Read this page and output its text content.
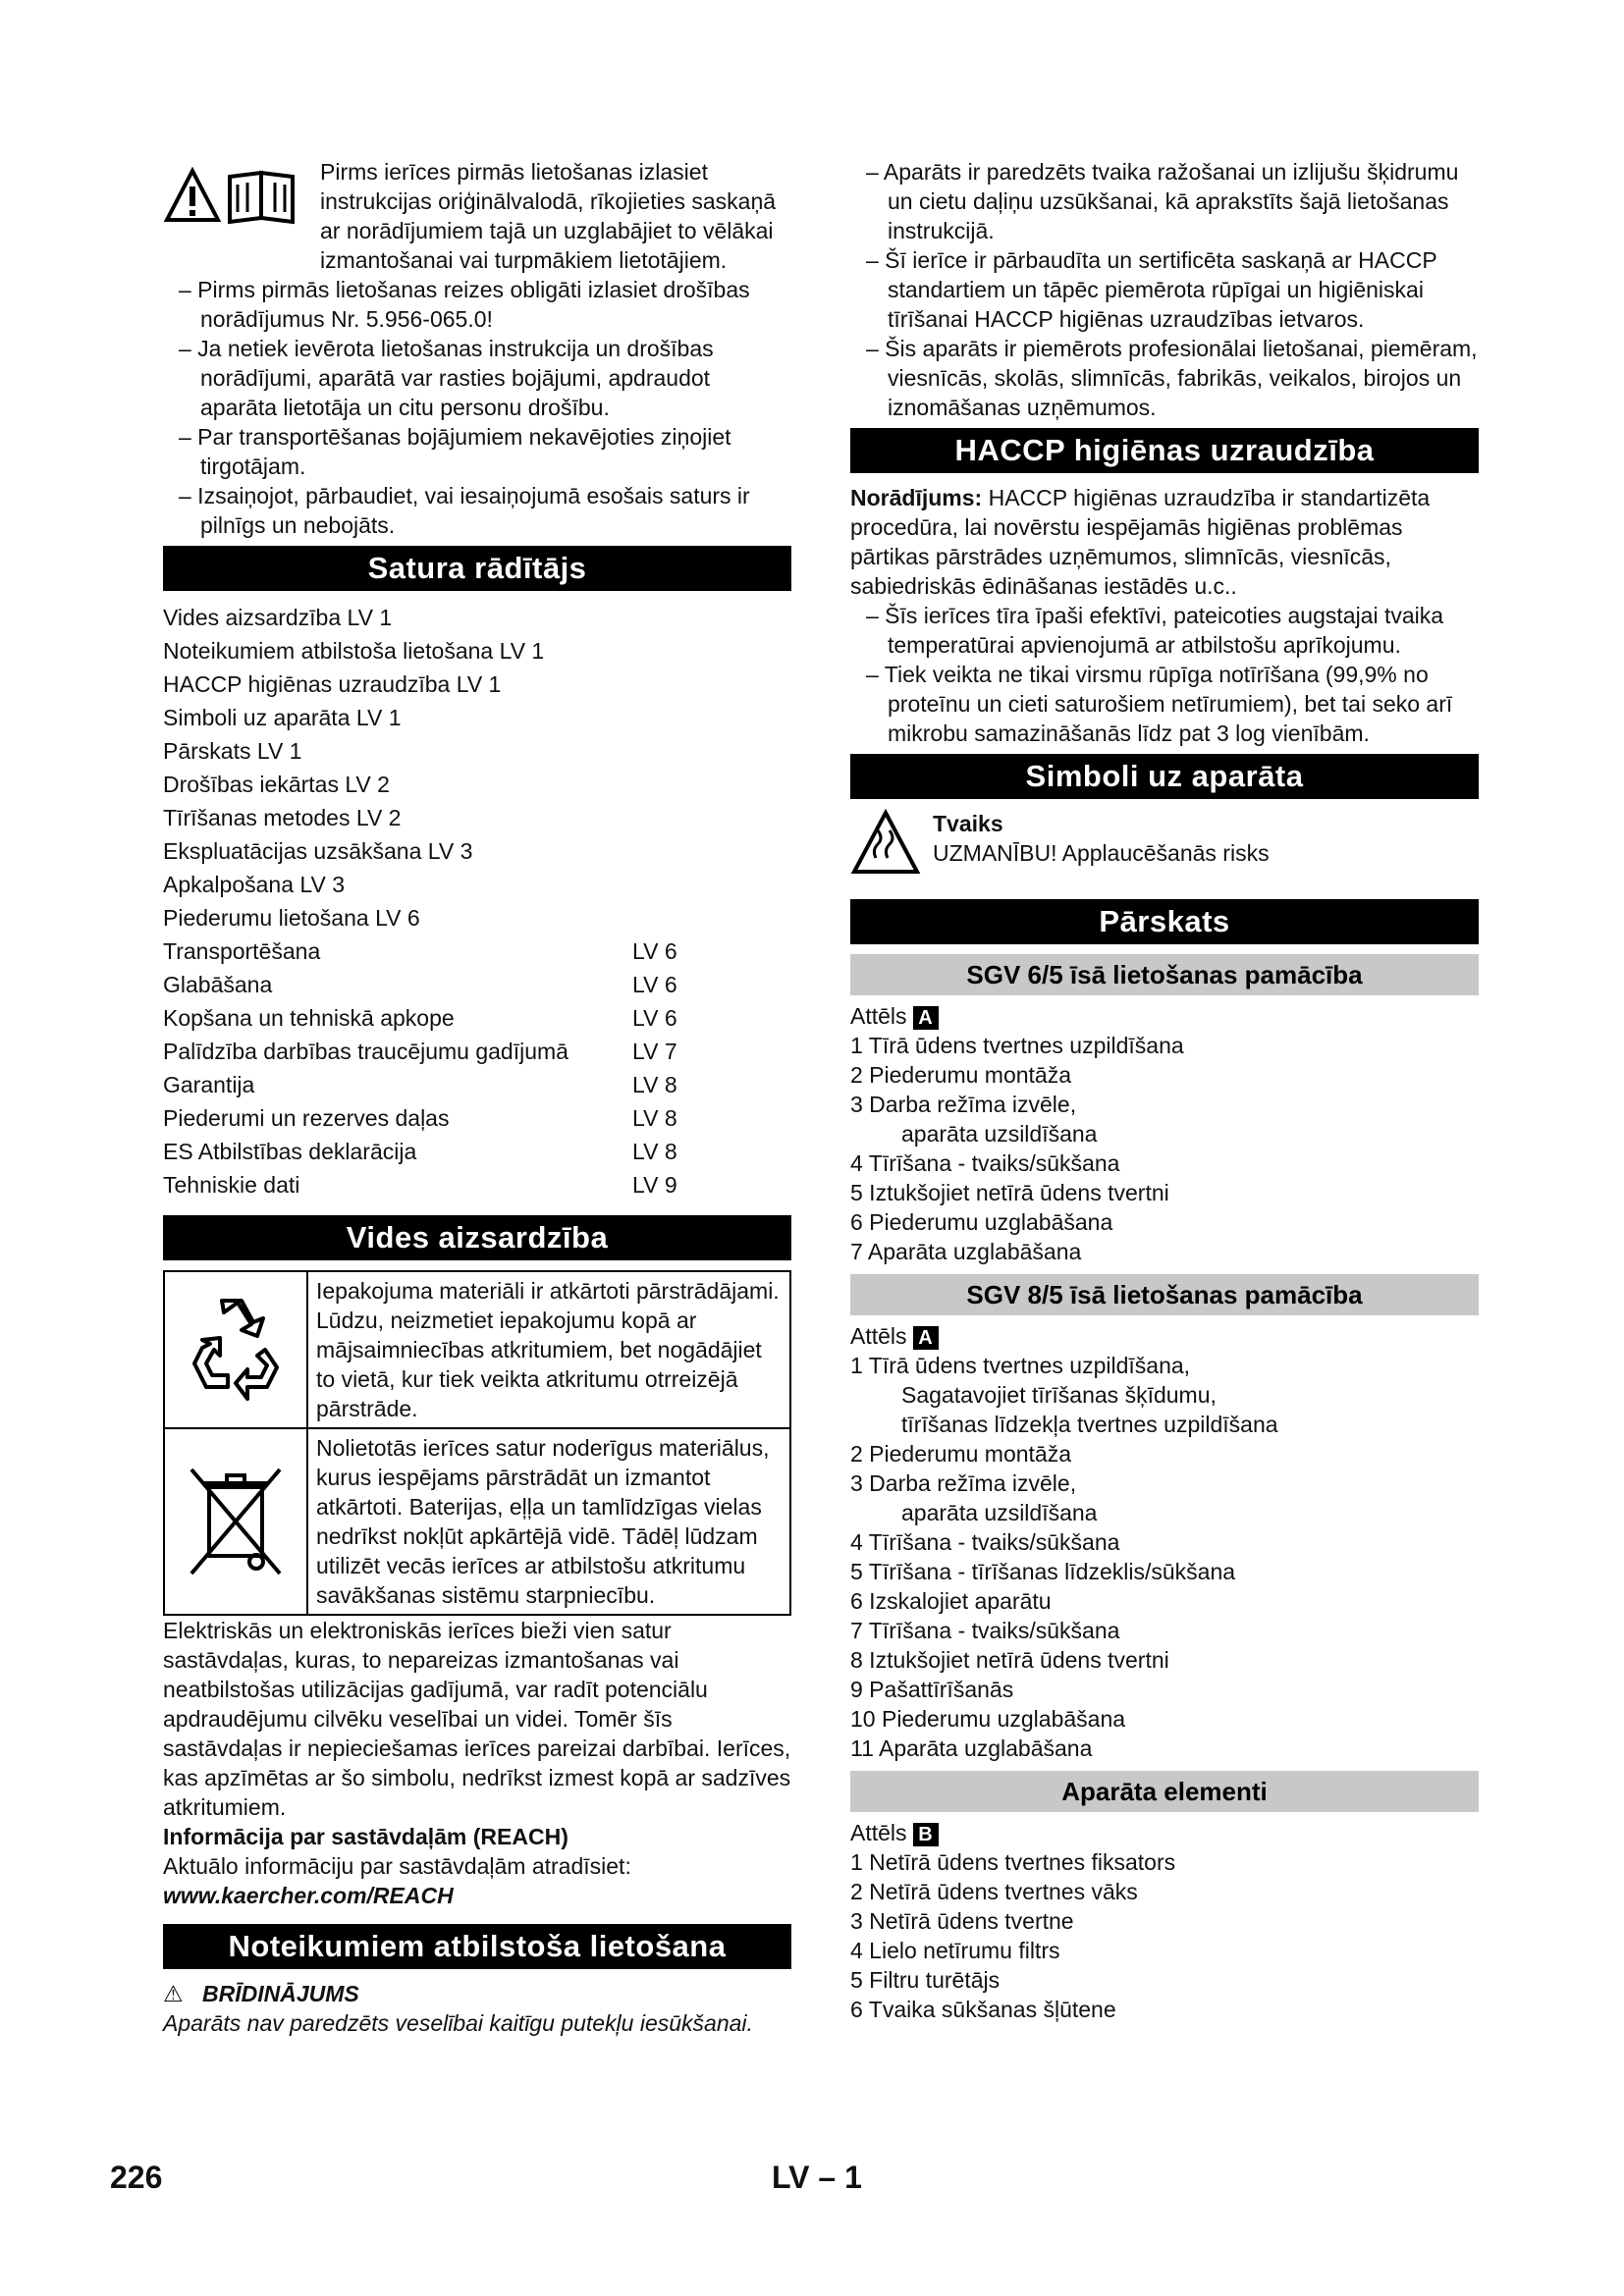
Pirms ierīces pirmās lietošanas izlasiet instrukcijas oriģinālvalodā, rīkojieties saskaņā ar norādījumiem tajā un uzglabājiet to vēlākai izmantošanai vai turpmākiem lietotājiem.

– Pirms pirmās lietošanas reizes obligāti izlasiet drošības norādījumus Nr. 5.956-065.0!

– Ja netiek ievērota lietošanas instrukcija un drošības norādījumi, aparātā var rasties bojājumi, apdraudot aparāta lietotāja un citu personu drošību.

– Par transportēšanas bojājumiem nekavējoties ziņojiet tirgotājam.

– Izsaiņojot, pārbaudiet, vai iesaiņojumā esošais saturs ir pilnīgs un nebojāts.

Satura rādītājs
Vides aizsardzība LV 1
Noteikumiem atbilstoša lietošana LV 1
HACCP higiēnas uzraudzība LV 1
Simboli uz aparāta LV 1
Pārskats LV 1
Drošības iekārtas LV 2
Tīrīšanas metodes LV 2
Ekspluatācijas uzsākšana LV 3
Apkalpošana LV 3
Piederumu lietošana LV 6
Transportēšana	LV 6
Glabāšana	LV 6
Kopšana un tehniskā apkope	LV 6
Palīdzība darbības traucējumu gadījumā	LV 7
Garantija	LV 8
Piederumi un rezerves daļas	LV 8
ES Atbilstības deklarācija	LV 8
Tehniskie dati	LV 9
Vides aizsardzība
Iepakojuma materiāli ir atkārtoti pārstrādājami. Lūdzu, neizmetiet iepakojumu kopā ar mājsaimniecības atkritumiem, bet nogādājiet to vietā, kur tiek veikta atkritumu otrreizējā pārstrāde.
Nolietotās ierīces satur noderīgus materiālus, kurus iespējams pārstrādāt un izmantot atkārtoti. Baterijas, eļļa un tamlīdzīgas vielas nedrīkst nokļūt apkārtējā vidē. Tādēļ lūdzam utilizēt vecās ierīces ar atbilstošu atkritumu savākšanas sistēmu starpniecību.

Elektriskās un elektroniskās ierīces bieži vien satur sastāvdaļas, kuras, to nepareizas izmantošanas vai neatbilstošas utilizācijas gadījumā, var radīt potenciālu apdraudējumu cilvēku veselībai un videi. Tomēr šīs sastāvdaļas ir nepieciešamas ierīces pareizai darbībai. Ierīces, kas apzīmētas ar šo simbolu, nedrīkst izmest kopā ar sadzīves atkritumiem.

Informācija par sastāvdaļām (REACH)

Aktuālo informāciju par sastāvdaļām atradīsiet:

www.kaercher.com/REACH

Noteikumiem atbilstoša lietošana

⚠ BRĪDINĀJUMS

Aparāts nav paredzēts veselībai kaitīgu putekļu iesūkšanai.

– Aparāts ir paredzēts tvaika ražošanai un izlijušu šķidrumu un cietu daļiņu uzsūkšanai, kā aprakstīts šajā lietošanas instrukcijā.

– Šī ierīce ir pārbaudīta un sertificēta saskaņā ar HACCP standartiem un tāpēc piemērota rūpīgai un higiēniskai tīrīšanai HACCP higiēnas uzraudzības ietvaros.

– Šis aparāts ir piemērots profesionālai lietošanai, piemēram, viesnīcās, skolās, slimnīcās, fabrikās, veikalos, birojos un iznomāšanas uzņēmumos.

HACCP higiēnas uzraudzība

Norādījums: HACCP higiēnas uzraudzība ir standartizēta procedūra, lai novērstu iespējamās higiēnas problēmas pārtikas pārstrādes uzņēmumos, slimnīcās, viesnīcās, sabiedriskās ēdināšanas iestādēs u.c..

– Šīs ierīces tīra īpaši efektīvi, pateicoties augstajai tvaika temperatūrai apvienojumā ar atbilstošu aprīkojumu.

– Tiek veikta ne tikai virsmu rūpīga notīrīšana (99,9% no proteīnu un cieti saturošiem netīrumiem), bet tai seko arī mikrobu samazināšanās līdz pat 3 log vienībām.

Simboli uz aparāta

Tvaiks

UZMANĪBU! Applaucēšanās risks

Pārskats
SGV 6/5 īsā lietošanas pamācība

Attēls A

1 Tīrā ūdens tvertnes uzpildīšana

2 Piederumu montāža

3 Darba režīma izvēle,

aparāta uzsildīšana

4 Tīrīšana - tvaiks/sūkšana

5 Iztukšojiet netīrā ūdens tvertni

6 Piederumu uzglabāšana

7 Aparāta uzglabāšana

SGV 8/5 īsā lietošanas pamācība

Attēls A

1 Tīrā ūdens tvertnes uzpildīšana,

Sagatavojiet tīrīšanas šķīdumu,

tīrīšanas līdzekļa tvertnes uzpildīšana

2 Piederumu montāža

3 Darba režīma izvēle,

aparāta uzsildīšana

4 Tīrīšana - tvaiks/sūkšana

5 Tīrīšana - tīrīšanas līdzeklis/sūkšana

6 Izskalojiet aparātu

7 Tīrīšana - tvaiks/sūkšana

8 Iztukšojiet netīrā ūdens tvertni

9 Pašattīrīšanās

10 Piederumu uzglabāšana

11 Aparāta uzglabāšana

Aparāta elementi

Attēls B

1 Netīrā ūdens tvertnes fiksators

2 Netīrā ūdens tvertnes vāks

3 Netīrā ūdens tvertne

4 Lielo netīrumu filtrs

5 Filtru turētājs

6 Tvaika sūkšanas šļūtene

226	LV – 1
